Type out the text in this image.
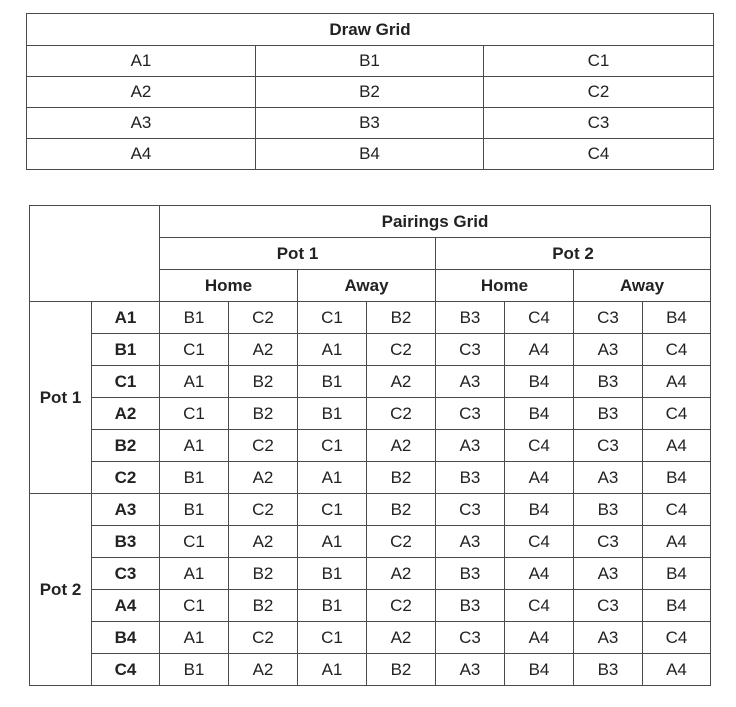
Draw Grid		
A1	B1	C1
A2	B2	C2
A3	B3	C3
A4	B4	C4
		Pairings Grid							
		Pot 1				Pot 2			
		Home		Away		Home		Away	
Pot 1	A1	B1	C2	C1	B2	B3	C4	C3	B4
	B1	C1	A2	A1	C2	C3	A4	A3	C4
	C1	A1	B2	B1	A2	A3	B4	B3	A4
	A2	C1	B2	B1	C2	C3	B4	B3	C4
	B2	A1	C2	C1	A2	A3	C4	C3	A4
	C2	B1	A2	A1	B2	B3	A4	A3	B4
Pot 2	A3	B1	C2	C1	B2	C3	B4	B3	C4
	B3	C1	A2	A1	C2	A3	C4	C3	A4
	C3	A1	B2	B1	A2	B3	A4	A3	B4
	A4	C1	B2	B1	C2	B3	C4	C3	B4
	B4	A1	C2	C1	A2	C3	A4	A3	C4
	C4	B1	A2	A1	B2	A3	B4	B3	A4
